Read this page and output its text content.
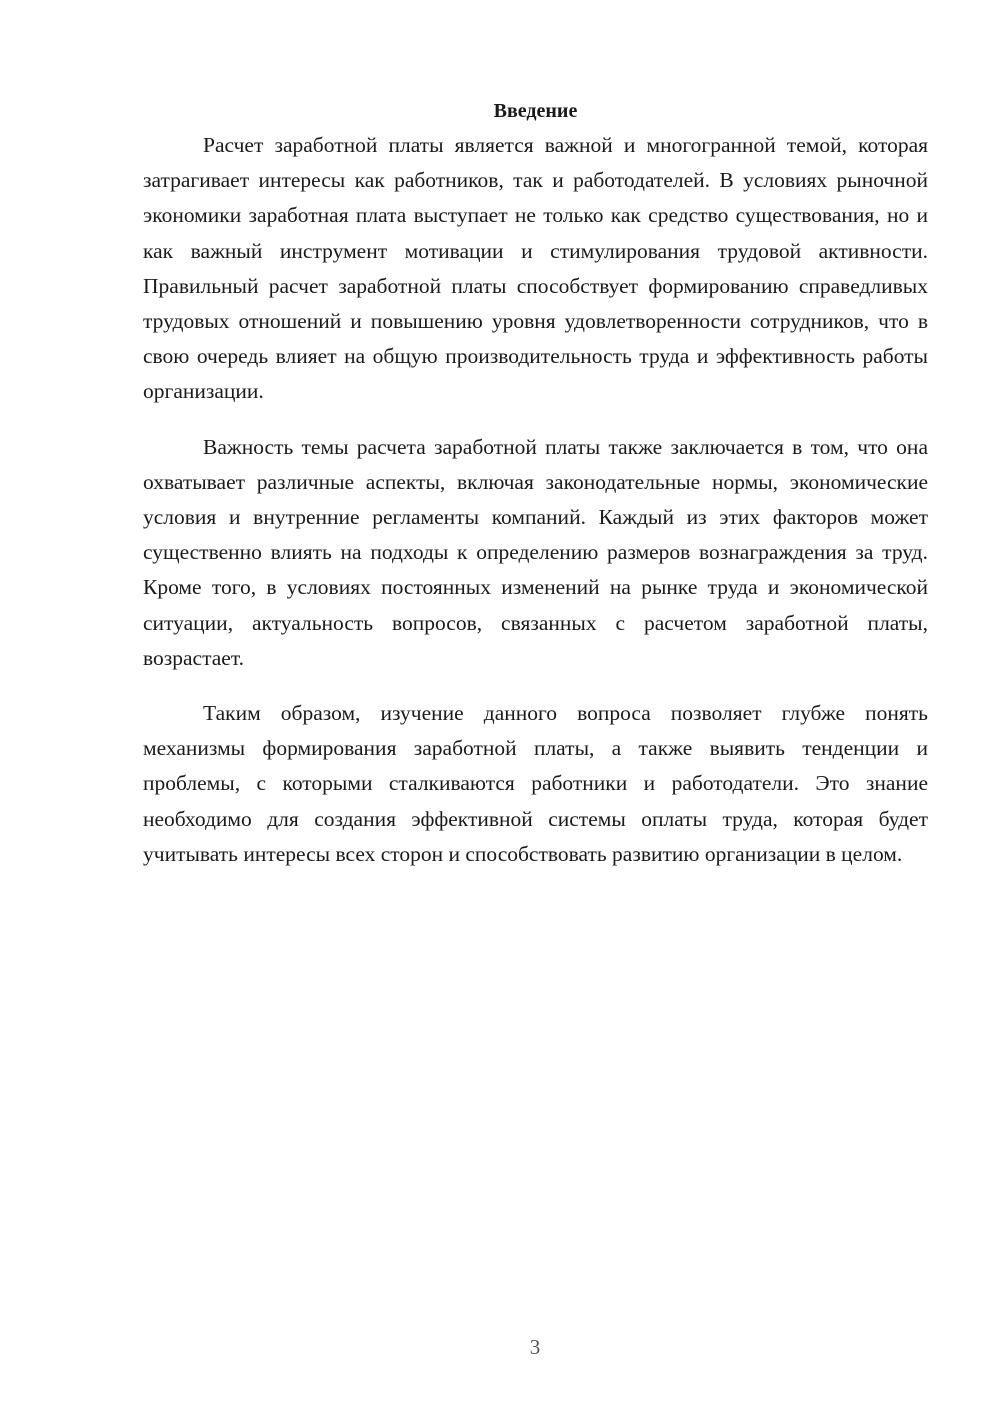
Введение

Расчет заработной платы является важной и многогранной темой, которая затрагивает интересы как работников, так и работодателей. В условиях рыночной экономики заработная плата выступает не только как средство существования, но и как важный инструмент мотивации и стимулирования трудовой активности. Правильный расчет заработной платы способствует формированию справедливых трудовых отношений и повышению уровня удовлетворенности сотрудников, что в свою очередь влияет на общую производительность труда и эффективность работы организации.

Важность темы расчета заработной платы также заключается в том, что она охватывает различные аспекты, включая законодательные нормы, экономические условия и внутренние регламенты компаний. Каждый из этих факторов может существенно влиять на подходы к определению размеров вознаграждения за труд. Кроме того, в условиях постоянных изменений на рынке труда и экономической ситуации, актуальность вопросов, связанных с расчетом заработной платы, возрастает.

Таким образом, изучение данного вопроса позволяет глубже понять механизмы формирования заработной платы, а также выявить тенденции и проблемы, с которыми сталкиваются работники и работодатели. Это знание необходимо для создания эффективной системы оплаты труда, которая будет учитывать интересы всех сторон и способствовать развитию организации в целом.

3
